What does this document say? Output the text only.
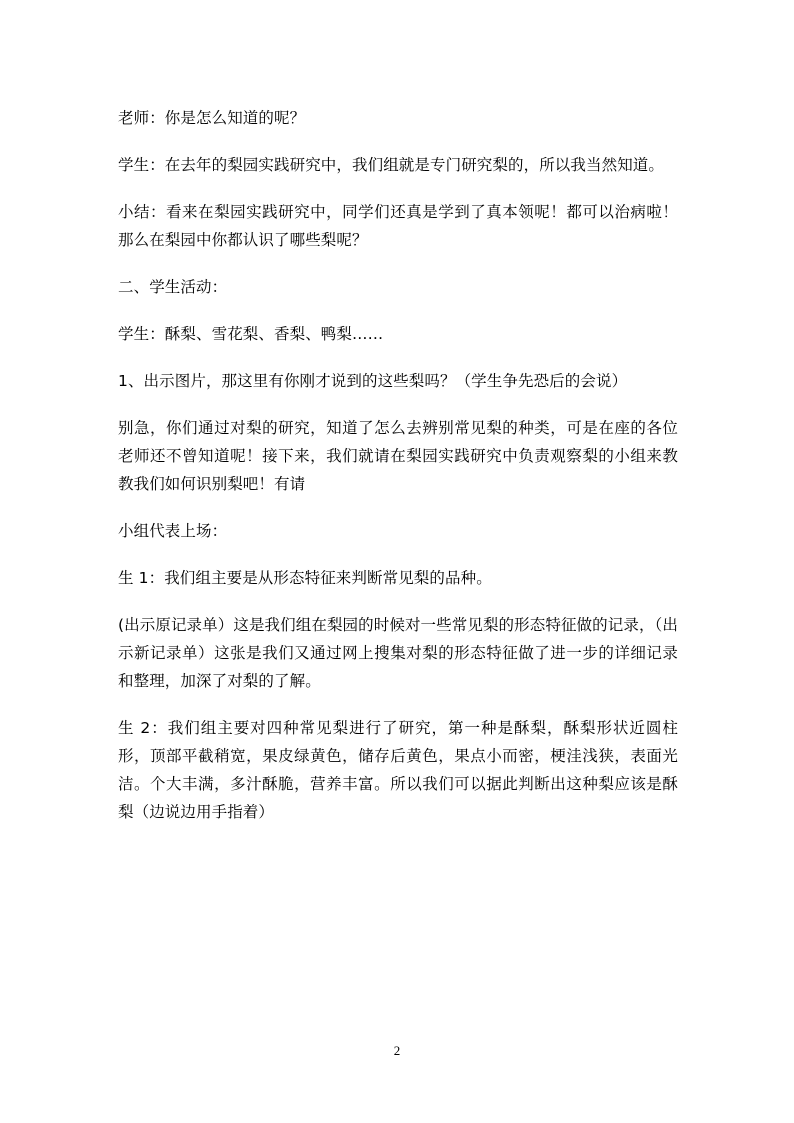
老师：你是怎么知道的呢？

学生：在去年的梨园实践研究中，我们组就是专门研究梨的，所以我当然知道。

小结：看来在梨园实践研究中，同学们还真是学到了真本领呢！都可以治病啦！那么在梨园中你都认识了哪些梨呢？

二、学生活动：

学生：酥梨、雪花梨、香梨、鸭梨……

1、出示图片，那这里有你刚才说到的这些梨吗？（学生争先恐后的会说）

别急，你们通过对梨的研究，知道了怎么去辨别常见梨的种类，可是在座的各位老师还不曾知道呢！接下来，我们就请在梨园实践研究中负责观察梨的小组来教教我们如何识别梨吧！有请

小组代表上场：

生 1：我们组主要是从形态特征来判断常见梨的品种。

(出示原记录单）这是我们组在梨园的时候对一些常见梨的形态特征做的记录，（出示新记录单）这张是我们又通过网上搜集对梨的形态特征做了进一步的详细记录和整理，加深了对梨的了解。

生 2：我们组主要对四种常见梨进行了研究，第一种是酥梨，酥梨形状近圆柱形，顶部平截稍宽，果皮绿黄色，储存后黄色，果点小而密，梗洼浅狭，表面光洁。个大丰满，多汁酥脆，营养丰富。所以我们可以据此判断出这种梨应该是酥梨（边说边用手指着）

2
